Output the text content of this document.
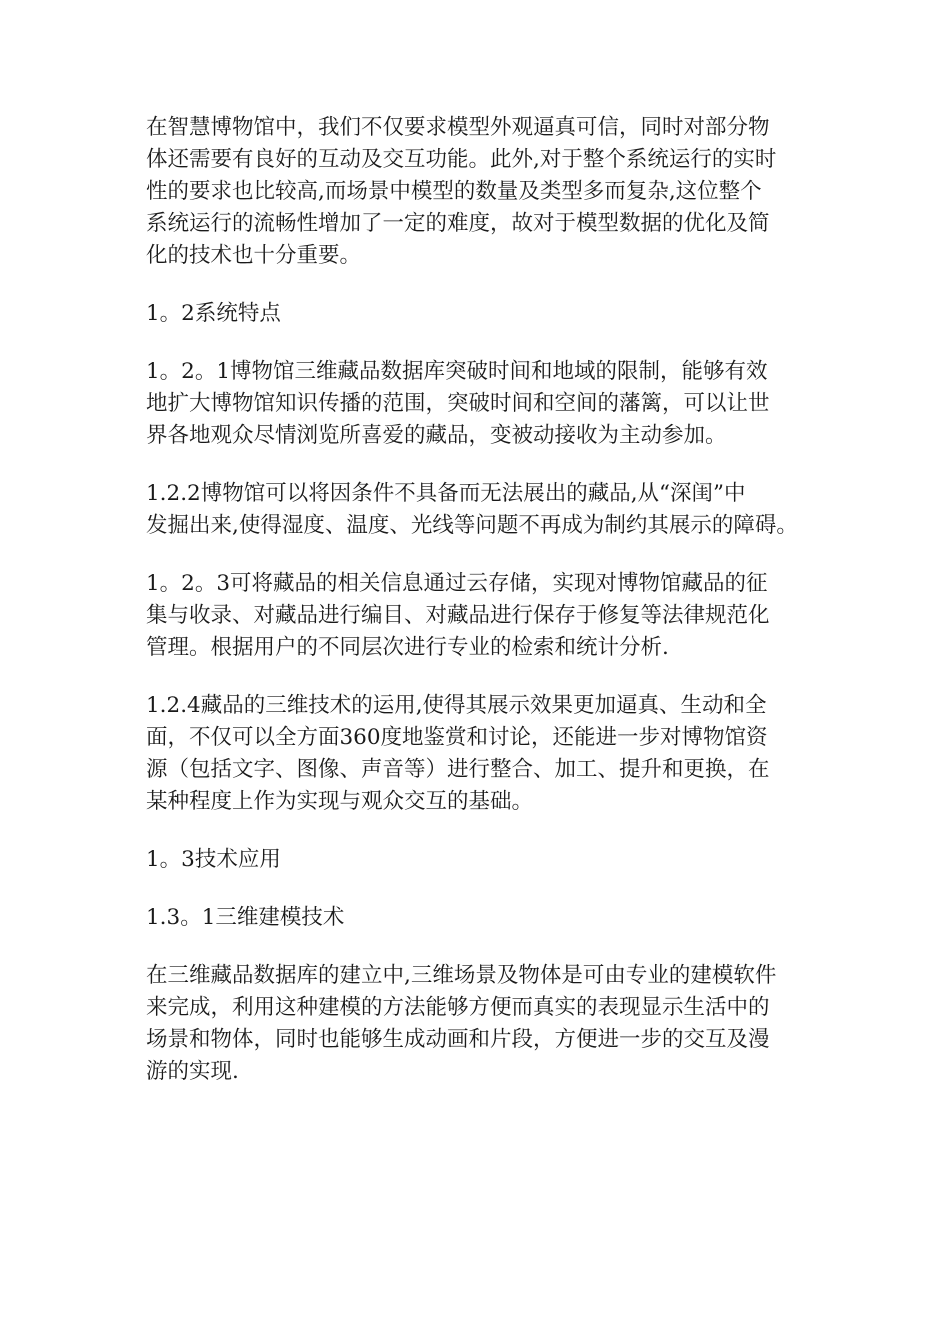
在智慧博物馆中，我们不仅要求模型外观逼真可信，同时对部分物
体还需要有良好的互动及交互功能。此外,对于整个系统运行的实时
性的要求也比较高,而场景中模型的数量及类型多而复杂,这位整个
系统运行的流畅性增加了一定的难度，故对于模型数据的优化及简
化的技术也十分重要。

1。2系统特点

1。2。1博物馆三维藏品数据库突破时间和地域的限制，能够有效
地扩大博物馆知识传播的范围，突破时间和空间的藩篱，可以让世
界各地观众尽情浏览所喜爱的藏品，变被动接收为主动参加。

1.2.2博物馆可以将因条件不具备而无法展出的藏品,从“深闺”中
发掘出来,使得湿度、温度、光线等问题不再成为制约其展示的障碍。

1。2。3可将藏品的相关信息通过云存储，实现对博物馆藏品的征
集与收录、对藏品进行编目、对藏品进行保存于修复等法律规范化
管理。根据用户的不同层次进行专业的检索和统计分析.

1.2.4藏品的三维技术的运用,使得其展示效果更加逼真、生动和全
面，不仅可以全方面360度地鉴赏和讨论，还能进一步对博物馆资
源（包括文字、图像、声音等）进行整合、加工、提升和更换，在
某种程度上作为实现与观众交互的基础。

1。3技术应用

1.3。1三维建模技术

在三维藏品数据库的建立中,三维场景及物体是可由专业的建模软件
来完成，利用这种建模的方法能够方便而真实的表现显示生活中的
场景和物体，同时也能够生成动画和片段，方便进一步的交互及漫
游的实现.
